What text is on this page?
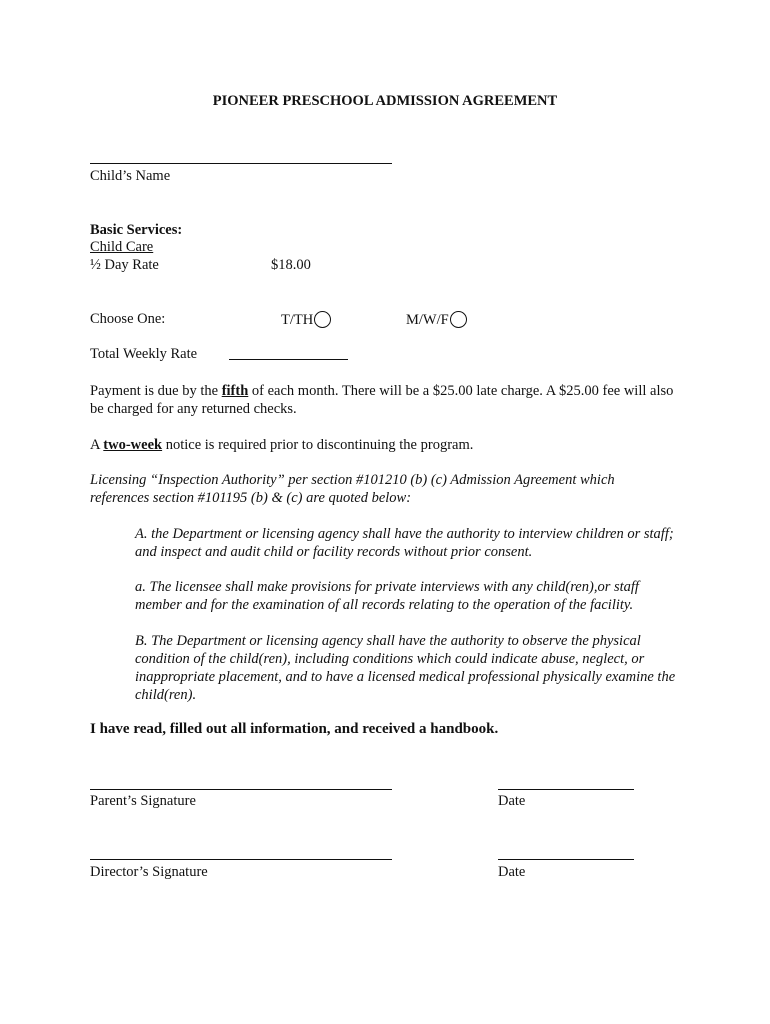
PIONEER PRESCHOOL ADMISSION AGREEMENT
Child’s Name
Basic Services:
Child Care
½ Day Rate	$18.00
Choose One:	T/TH	M/W/F
Total Weekly Rate
Payment is due by the fifth of each month. There will be a $25.00 late charge. A $25.00 fee will also be charged for any returned checks.
A two-week notice is required prior to discontinuing the program.
Licensing “Inspection Authority” per section #101210 (b) (c) Admission Agreement which references section #101195 (b) & (c) are quoted below:
A. the Department or licensing agency shall have the authority to interview children or staff; and inspect and audit child or facility records without prior consent.
a. The licensee shall make provisions for private interviews with any child(ren),or staff member and for the examination of all records relating to the operation of the facility.
B. The Department or licensing agency shall have the authority to observe the physical condition of the child(ren), including conditions which could indicate abuse, neglect, or inappropriate placement, and to have a licensed medical professional physically examine the child(ren).
I have read, filled out all information, and received a handbook.
Parent’s Signature	Date
Director’s Signature	Date
